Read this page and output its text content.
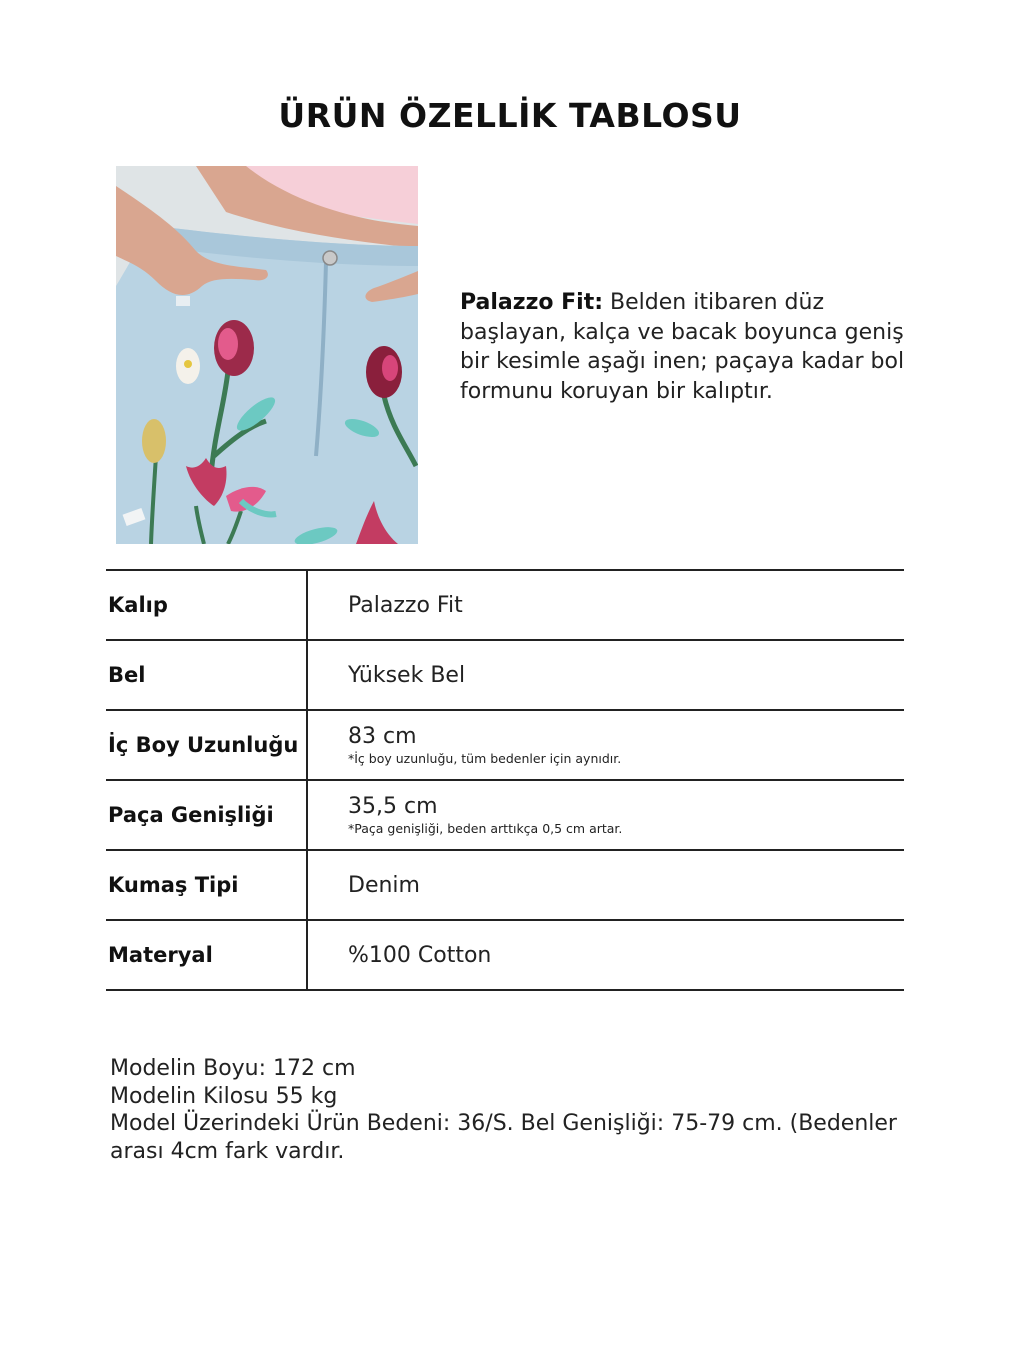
ÜRÜN ÖZELLİK TABLOSU
Palazzo Fit: Belden itibaren düz başlayan, kalça ve bacak boyunca geniş bir kesimle aşağı inen; paçaya kadar bol formunu koruyan bir kalıptır.
Kalıp	Palazzo Fit
Bel	Yüksek Bel
İç Boy Uzunluğu	83 cm
*İç boy uzunluğu, tüm bedenler için aynıdır.
Paça Genişliği	35,5 cm
*Paça genişliği, beden arttıkça 0,5 cm artar.
Kumaş Tipi	Denim
Materyal	%100 Cotton
Modelin Boyu: 172 cm
Modelin Kilosu 55 kg
Model Üzerindeki Ürün Bedeni: 36/S. Bel Genişliği: 75-79 cm. (Bedenler arası 4cm fark vardır.
